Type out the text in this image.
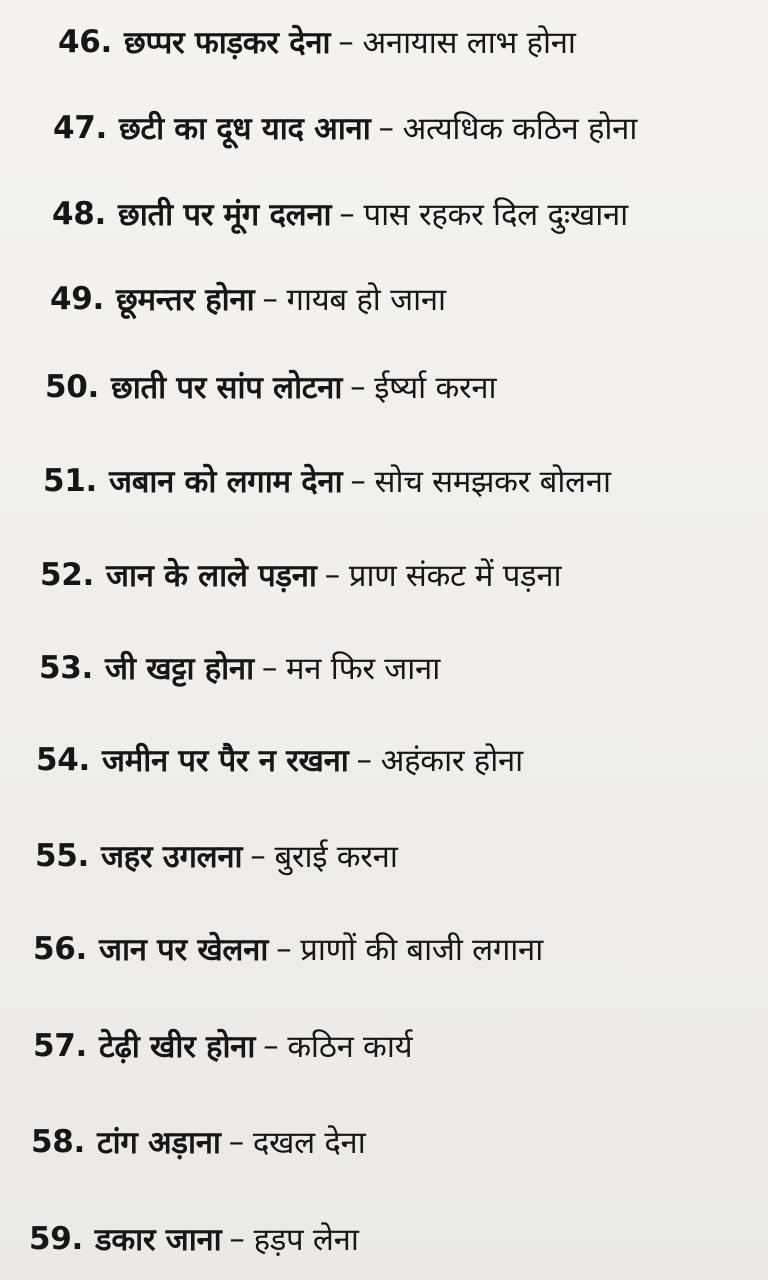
46. छप्पर फाड़कर देना – अनायास लाभ होना
47. छटी का दूध याद आना – अत्यधिक कठिन होना
48. छाती पर मूंग दलना – पास रहकर दिल दुःखाना
49. छूमन्तर होना – गायब हो जाना
50. छाती पर सांप लोटना – ईर्ष्या करना
51. जबान को लगाम देना – सोच समझकर बोलना
52. जान के लाले पड़ना – प्राण संकट में पड़ना
53. जी खट्टा होना – मन फिर जाना
54. जमीन पर पैर न रखना – अहंकार होना
55. जहर उगलना – बुराई करना
56. जान पर खेलना – प्राणों की बाजी लगाना
57. टेढ़ी खीर होना – कठिन कार्य
58. टांग अड़ाना – दखल देना
59. डकार जाना – हड़प लेना
